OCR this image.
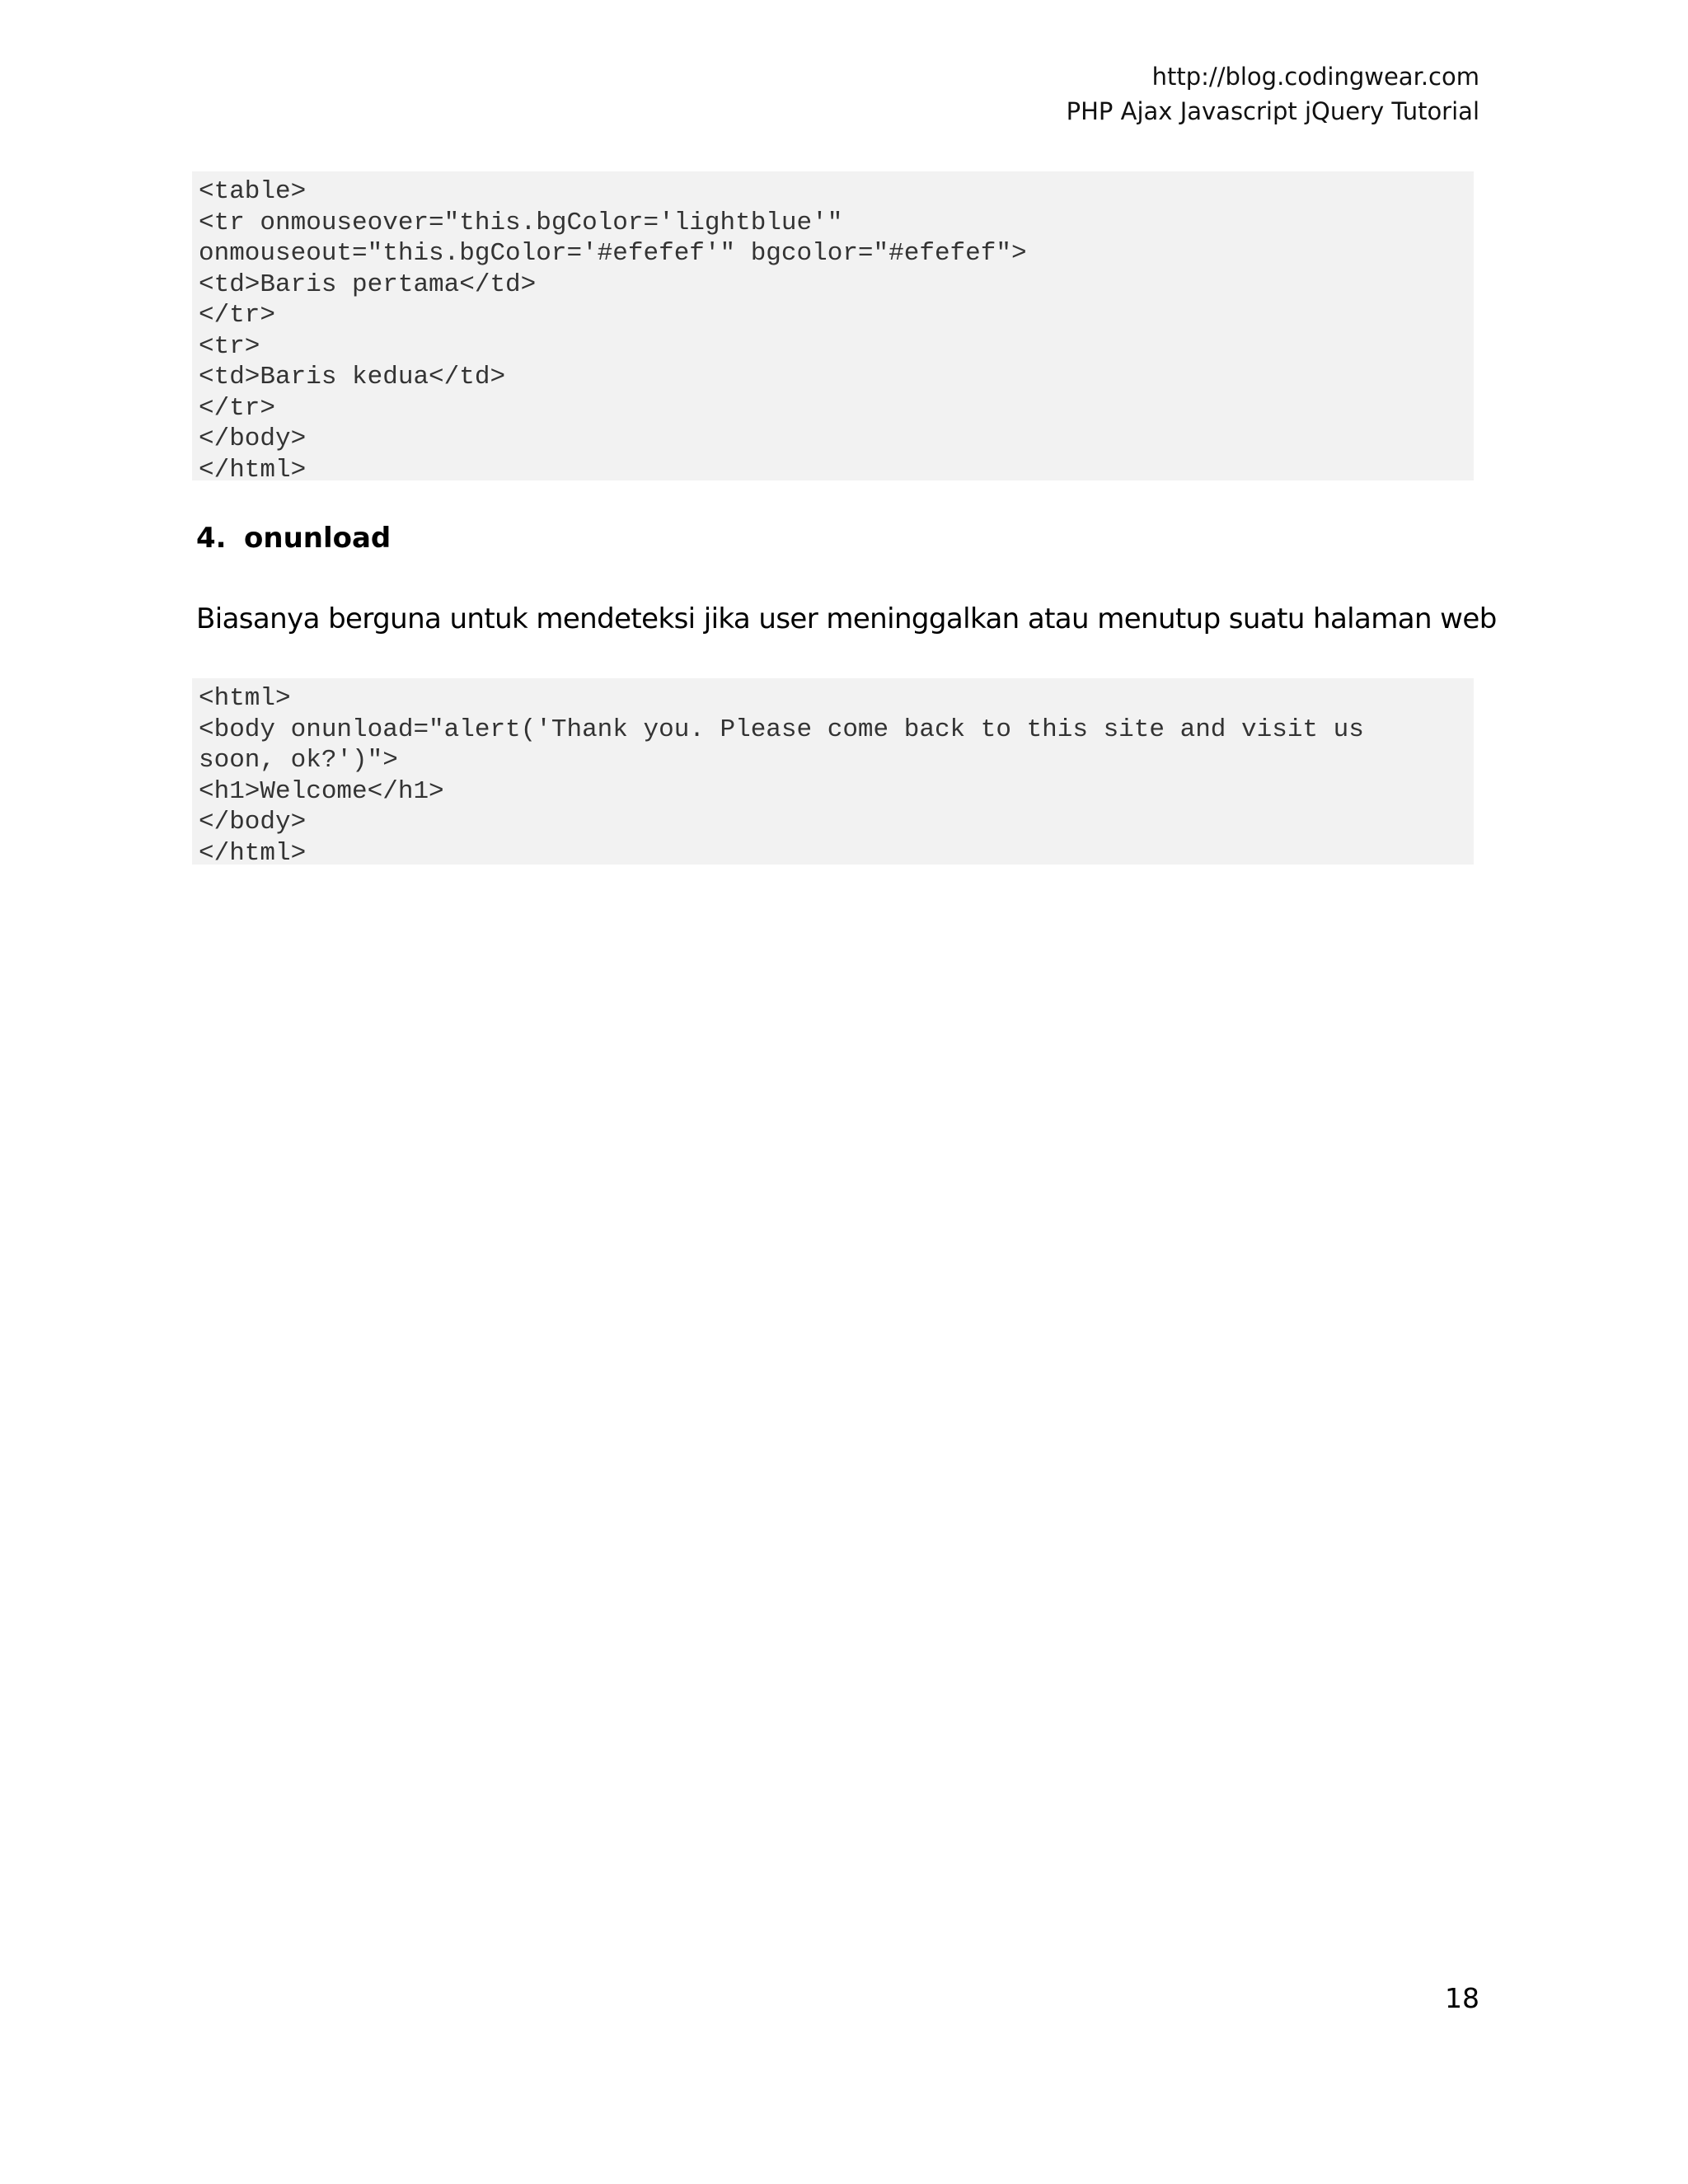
http://blog.codingwear.com
PHP Ajax Javascript jQuery Tutorial
<table>
<tr onmouseover="this.bgColor='lightblue'"
onmouseout="this.bgColor='#efefef'" bgcolor="#efefef">
<td>Baris pertama</td>
</tr>
<tr>
<td>Baris kedua</td>
</tr>
</body>
</html>
4. onunload
Biasanya berguna untuk mendeteksi jika user meninggalkan atau menutup suatu halaman web
<html>
<body onunload="alert('Thank you. Please come back to this site and visit us
soon, ok?')">
<h1>Welcome</h1>
</body>
</html>
18
